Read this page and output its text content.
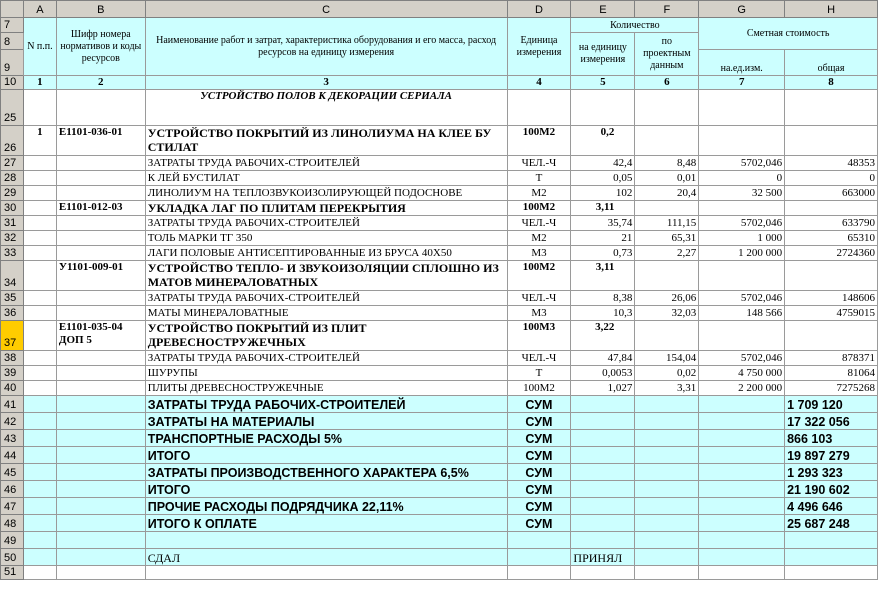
	A	B	C	D	E	F	G	H
7	N п.п.	Шифр номера нормативов и коды ресурсов	Наименование работ и затрат, характеристика оборудования и его масса, расход ресурсов на единицу измерения	Единица измерения	Количество		Сметная стоимость	
8					на единицу измерения	по проектным данным		
9							на.ед.изм.	общая
10	1	2	3	4	5	6	7	8
25			УСТРОЙСТВО ПОЛОВ К ДЕКОРАЦИИ СЕРИАЛА					
26	1	Е1101-036-01	УСТРОЙСТВО ПОКРЫТИЙ ИЗ ЛИНОЛИУМА НА КЛЕЕ БУ СТИЛАТ	100М2	0,2			
27			ЗАТРАТЫ ТРУДА РАБОЧИХ-СТРОИТЕЛЕЙ	ЧЕЛ.-Ч	42,4	8,48	5702,046	48353
28			К ЛЕЙ БУСТИЛАТ	Т	0,05	0,01	0	0
29			ЛИНОЛИУМ НА ТЕПЛОЗВУКОИЗОЛИРУЮЩЕЙ ПОДОСНОВЕ	М2	102	20,4	32 500	663000
30		Е1101-012-03	УКЛАДКА ЛАГ ПО ПЛИТАМ ПЕРЕКРЫТИЯ	100М2	3,11			
31			ЗАТРАТЫ ТРУДА РАБОЧИХ-СТРОИТЕЛЕЙ	ЧЕЛ.-Ч	35,74	111,15	5702,046	633790
32			ТОЛЬ МАРКИ ТГ 350	М2	21	65,31	1 000	65310
33			ЛАГИ ПОЛОВЫЕ АНТИСЕПТИРОВАННЫЕ ИЗ БРУСА 40Х50	М3	0,73	2,27	1 200 000	2724360
34		У1101-009-01	УСТРОЙСТВО ТЕПЛО- И ЗВУКОИЗОЛЯЦИИ СПЛОШНО ИЗ МАТОВ МИНЕРАЛОВАТНЫХ	100М2	3,11			
35			ЗАТРАТЫ ТРУДА РАБОЧИХ-СТРОИТЕЛЕЙ	ЧЕЛ.-Ч	8,38	26,06	5702,046	148606
36			МАТЫ МИНЕРАЛОВАТНЫЕ	М3	10,3	32,03	148 566	4759015
37		Е1101-035-04 ДОП 5	УСТРОЙСТВО ПОКРЫТИЙ ИЗ ПЛИТ ДРЕВЕСНОСТРУЖЕЧНЫХ	100М3	3,22			
38			ЗАТРАТЫ ТРУДА РАБОЧИХ-СТРОИТЕЛЕЙ	ЧЕЛ.-Ч	47,84	154,04	5702,046	878371
39			ШУРУПЫ	Т	0,0053	0,02	4 750 000	81064
40			ПЛИТЫ ДРЕВЕСНОСТРУЖЕЧНЫЕ	100М2	1,027	3,31	2 200 000	7275268
41			ЗАТРАТЫ ТРУДА РАБОЧИХ-СТРОИТЕЛЕЙ	СУМ				1 709 120
42			ЗАТРАТЫ НА МАТЕРИАЛЫ	СУМ				17 322 056
43			ТРАНСПОРТНЫЕ РАСХОДЫ 5%	СУМ				866 103
44			ИТОГО	СУМ				19 897 279
45			ЗАТРАТЫ ПРОИЗВОДСТВЕННОГО ХАРАКТЕРА 6,5%	СУМ				1 293 323
46			ИТОГО	СУМ				21 190 602
47			ПРОЧИЕ РАСХОДЫ ПОДРЯДЧИКА 22,11%	СУМ				4 496 646
48			ИТОГО К ОПЛАТЕ	СУМ				25 687 248
49								
50			СДАЛ		ПРИНЯЛ			
51								
